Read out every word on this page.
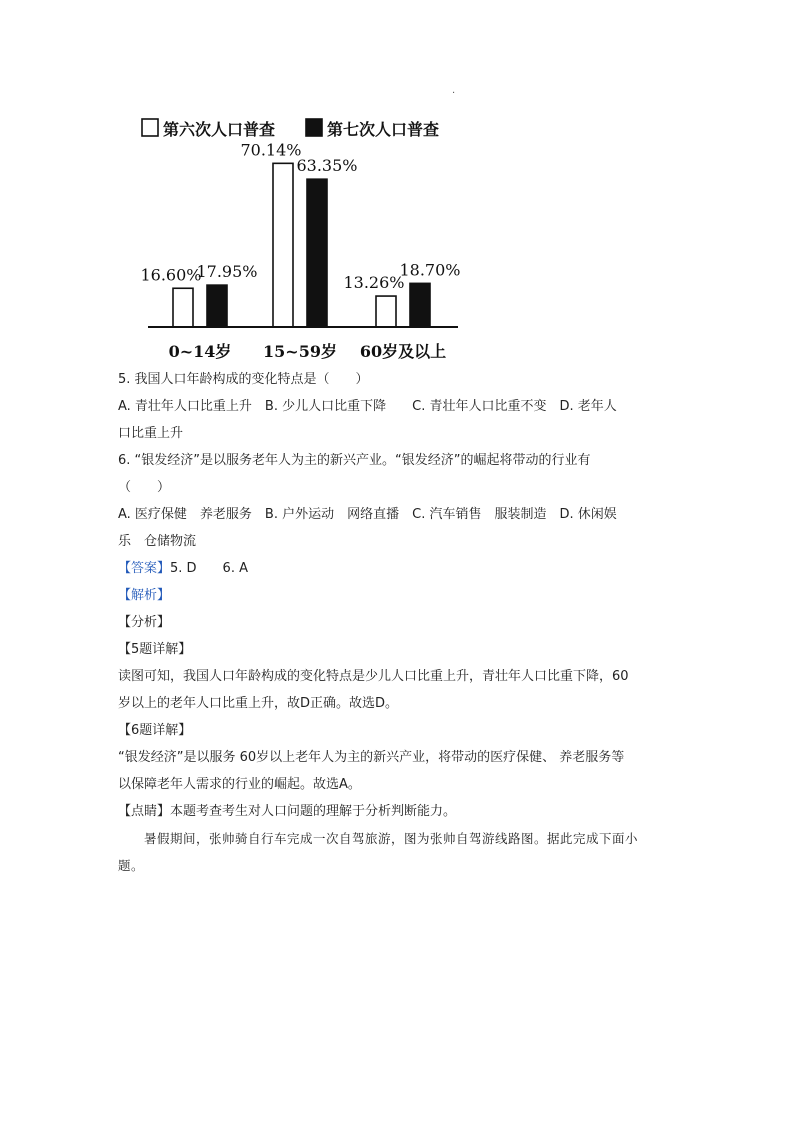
·
第六次人口普查	第七次人口普查
16.60%
17.95%
70.14%
63.35%
13.26%
18.70%
0~14岁 15~59岁 60岁及以上
5. 我国人口年龄构成的变化特点是（　　）
A. 青壮年人口比重上升　B. 少儿人口比重下降　　C. 青壮年人口比重不变　D. 老年人
口比重上升
6. “银发经济”是以服务老年人为主的新兴产业。“银发经济”的崛起将带动的行业有
（　　）
A. 医疗保健　养老服务　B. 户外运动　网络直播　C. 汽车销售　服装制造　D. 休闲娱
乐　仓储物流
【答案】5. D　　6. A
【解析】
【分析】
【5题详解】
读图可知，我国人口年龄构成的变化特点是少儿人口比重上升，青壮年人口比重下降，60
岁以上的老年人口比重上升，故D正确。故选D。
【6题详解】
“银发经济”是以服务 60岁以上老年人为主的新兴产业，将带动的医疗保健、 养老服务等
以保障老年人需求的行业的崛起。故选A。
【点睛】本题考查考生对人口问题的理解于分析判断能力。
暑假期间，张帅骑自行车完成一次自驾旅游，图为张帅自驾游线路图。据此完成下面小
题。
